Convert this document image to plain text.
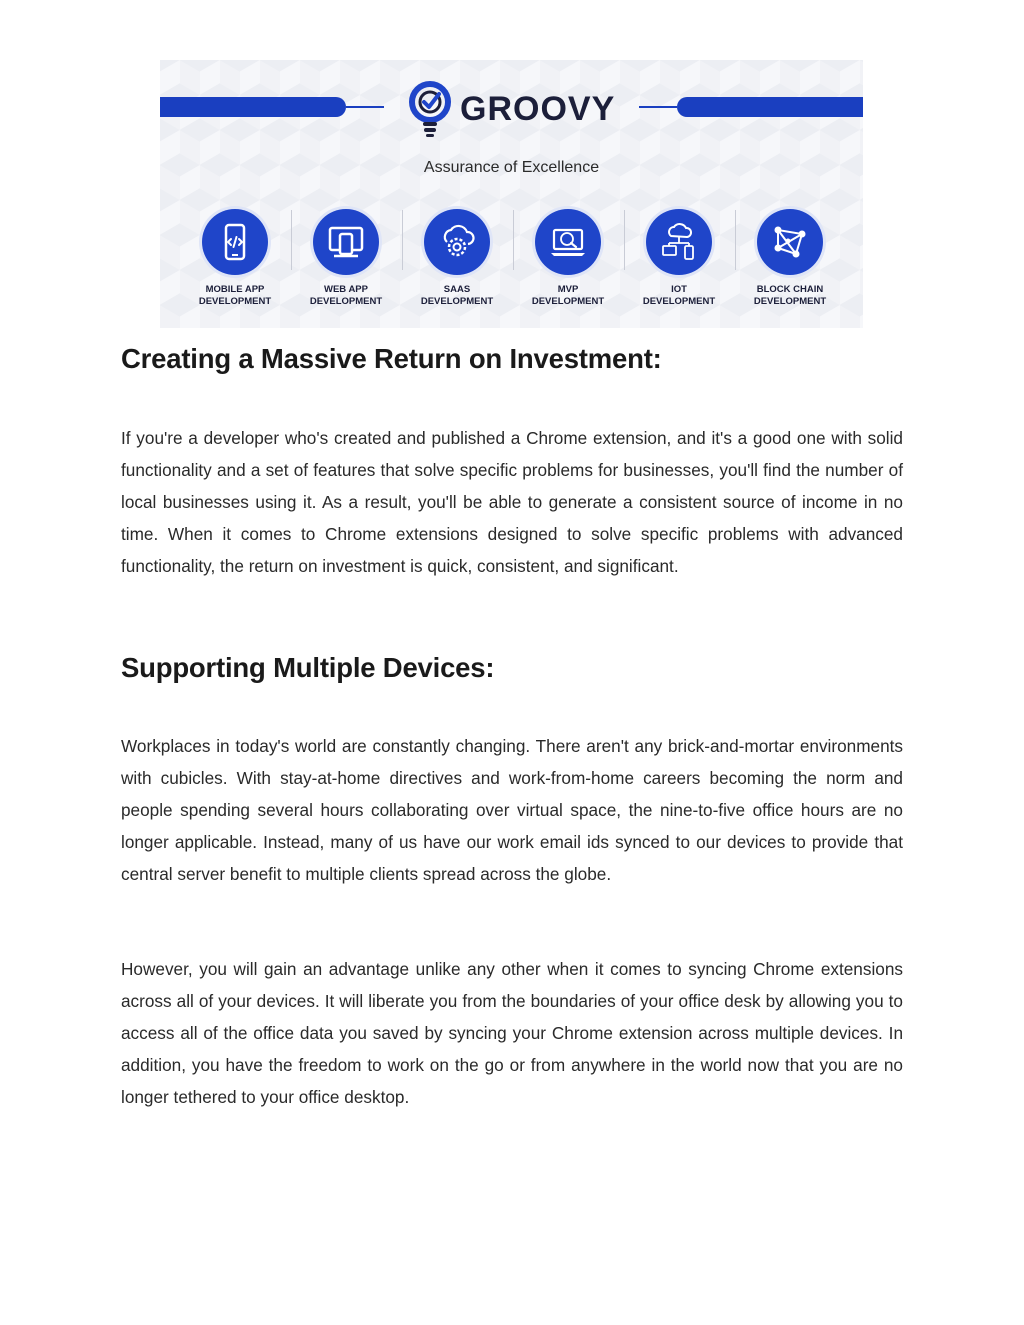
GROOVY
Assurance of Excellence
MOBILE APP
DEVELOPMENT
WEB APP
DEVELOPMENT
SAAS
DEVELOPMENT
MVP
DEVELOPMENT
IOT
DEVELOPMENT
BLOCK CHAIN
DEVELOPMENT
Creating a Massive Return on Investment:

If you're a developer who's created and published a Chrome extension, and it's a good one with solid functionality and a set of features that solve specific problems for businesses, you'll find the number of local businesses using it. As a result, you'll be able to generate a consistent source of income in no time. When it comes to Chrome extensions designed to solve specific problems with advanced functionality, the return on investment is quick, consistent, and significant.

Supporting Multiple Devices:

Workplaces in today's world are constantly changing. There aren't any brick-and-mortar environments with cubicles. With stay-at-home directives and work-from-home careers becoming the norm and people spending several hours collaborating over virtual space, the nine-to-five office hours are no longer applicable. Instead, many of us have our work email ids synced to our devices to provide that central server benefit to multiple clients spread across the globe.

However, you will gain an advantage unlike any other when it comes to syncing Chrome extensions across all of your devices. It will liberate you from the boundaries of your office desk by allowing you to access all of the office data you saved by syncing your Chrome extension across multiple devices. In addition, you have the freedom to work on the go or from anywhere in the world now that you are no longer tethered to your office desktop.
